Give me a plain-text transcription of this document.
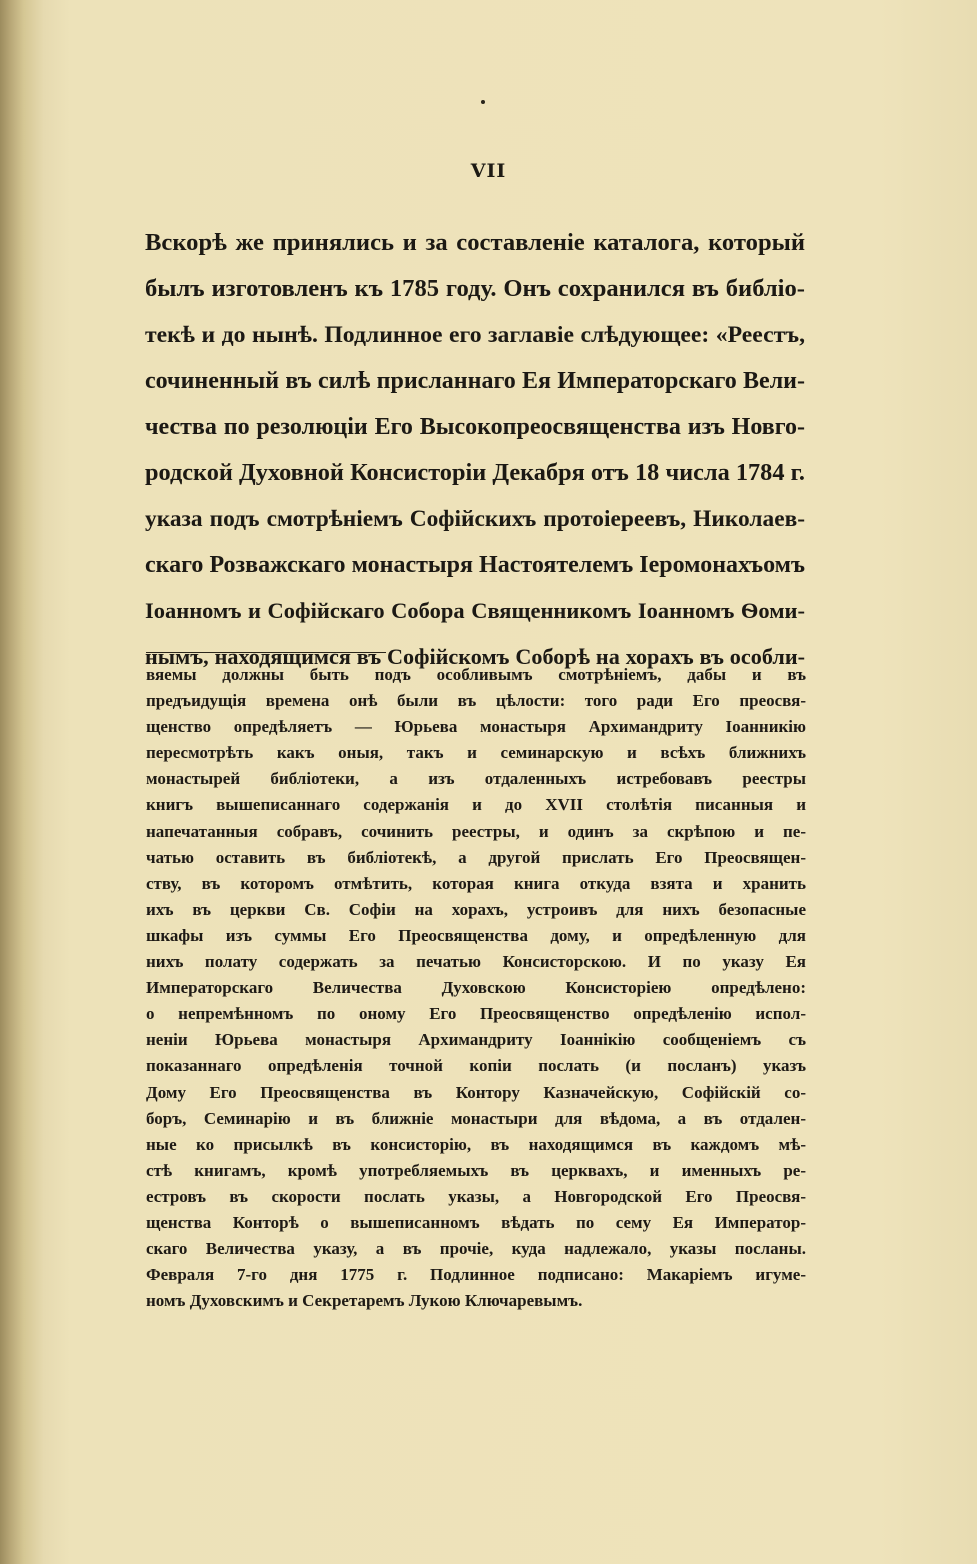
VII
Вскорѣ же принялись и за составленіе каталога, который
былъ изготовленъ къ 1785 году. Онъ сохранился въ библіо-
текѣ и до нынѣ. Подлинное его заглавіе слѣдующее: «Реестъ,
сочиненный въ силѣ присланнаго Ея Императорскаго Вели-
чества по резолюціи Его Высокопреосвященства изъ Новго-
родской Духовной Консисторіи Декабря отъ 18 числа 1784 г.
указа подъ смотрѣніемъ Софійскихъ протоіереевъ, Николаев-
скаго Розважскаго монастыря Настоятелемъ Іеромонахъомъ
Іоанномъ и Софійскаго Собора Священникомъ Іоанномъ Ѳоми-
нымъ, находящимся въ Софійскомъ Соборѣ на хорахъ въ особли-
вяемы должны быть подъ особливымъ смотрѣніемъ, дабы и въ
предъидущія времена онѣ были въ цѣлости: того ради Его преосвя-
щенство опредѣляетъ — Юрьева монастыря Архимандриту Іоанникію
пересмотрѣть какъ оныя, такъ и семинарскую и всѣхъ ближнихъ
монастырей библіотеки, а изъ отдаленныхъ истребовавъ реестры
книгъ вышеписаннаго содержанія и до XVII столѣтія писанныя и
напечатанныя собравъ, сочинить реестры, и одинъ за скрѣпою и пе-
чатью оставить въ библіотекѣ, а другой прислать Его Преосвящен-
ству, въ которомъ отмѣтить, которая книга откуда взята и хранить
ихъ въ церкви Св. Софіи на хорахъ, устроивъ для нихъ безопасные
шкафы изъ суммы Его Преосвященства дому, и опредѣленную для
нихъ полату содержать за печатью Консисторскою. И по указу Ея
Императорскаго Величества Духовскою Консисторіею опредѣлено:
о непремѣнномъ по оному Его Преосвященство опредѣленію испол-
неніи Юрьева монастыря Архимандриту Іоаннікію сообщеніемъ съ
показаннаго опредѣленія точной копіи послать (и посланъ) указъ
Дому Его Преосвященства въ Контору Казначейскую, Софійскій со-
боръ, Семинарію и въ ближніе монастыри для вѣдома, а въ отдален-
ные ко присылкѣ въ консисторію, въ находящимся въ каждомъ мѣ-
стѣ книгамъ, кромѣ употребляемыхъ въ церквахъ, и именныхъ ре-
естровъ въ скорости послать указы, а Новгородской Его Преосвя-
щенства Конторѣ о вышеписанномъ вѣдать по сему Ея Император-
скаго Величества указу, а въ прочіе, куда надлежало, указы посланы.
Февраля 7-го дня 1775 г. Подлинное подписано: Макаріемъ игуме-
номъ Духовскимъ и Секретаремъ Лукою Ключаревымъ.
